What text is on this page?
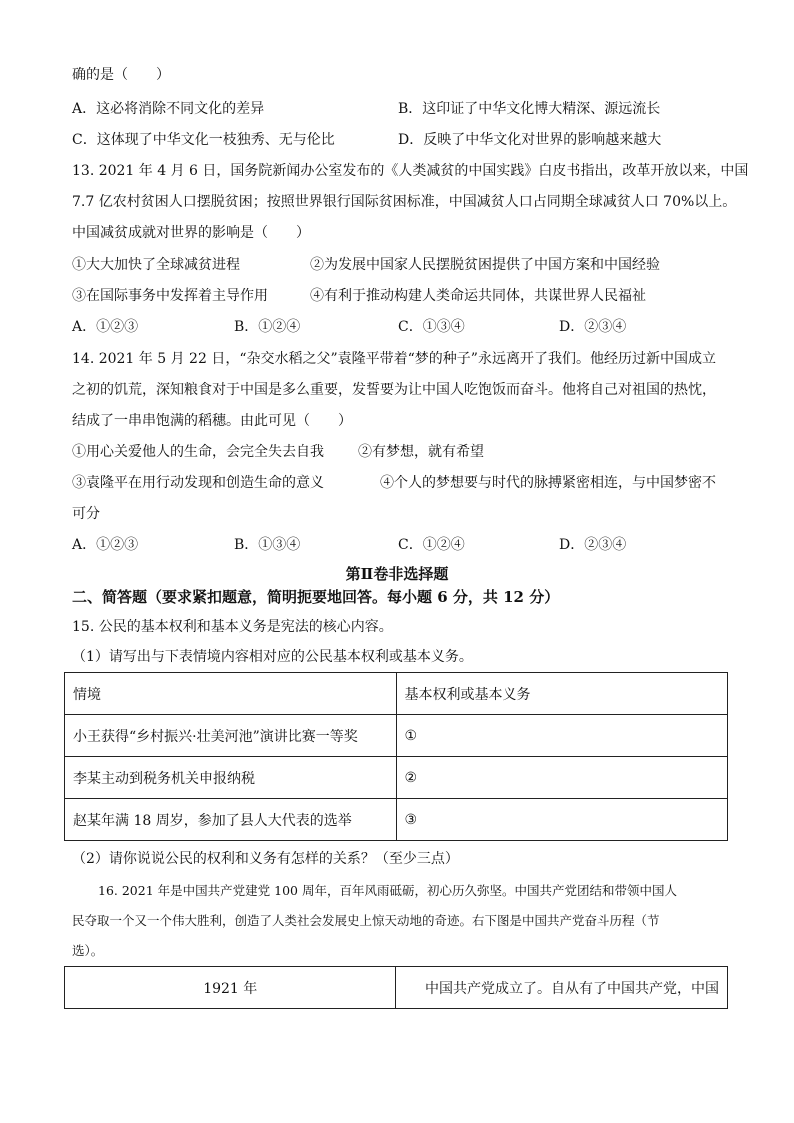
确的是（　　）
A．这必将消除不同文化的差异	B．这印证了中华文化博大精深、源远流长
C．这体现了中华文化一枝独秀、无与伦比	D．反映了中华文化对世界的影响越来越大
13. 2021 年 4 月 6 日，国务院新闻办公室发布的《人类减贫的中国实践》白皮书指出，改革开放以来，中国
7.7 亿农村贫困人口摆脱贫困；按照世界银行国际贫困标准，中国减贫人口占同期全球减贫人口 70%以上。
中国减贫成就对世界的影响是（　　）
①大大加快了全球减贫进程	②为发展中国家人民摆脱贫困提供了中国方案和中国经验
③在国际事务中发挥着主导作用	④有利于推动构建人类命运共同体，共谋世界人民福祉
A．①②③	B．①②④	C．①③④	D．②③④
14. 2021 年 5 月 22 日，“杂交水稻之父”袁隆平带着“梦的种子”永远离开了我们。他经历过新中国成立
之初的饥荒，深知粮食对于中国是多么重要，发誓要为让中国人吃饱饭而奋斗。他将自己对祖国的热忱，
结成了一串串饱满的稻穗。由此可见（　　）
①用心关爱他人的生命，会完全失去自我 ②有梦想，就有希望
③袁隆平在用行动发现和创造生命的意义	④个人的梦想要与时代的脉搏紧密相连，与中国梦密不
可分
A．①②③	B．①③④	C．①②④	D．②③④
第Ⅱ卷非选择题
二、简答题（要求紧扣题意，简明扼要地回答。每小题 6 分，共 12 分）
15. 公民的基本权利和基本义务是宪法的核心内容。
（1）请写出与下表情境内容相对应的公民基本权利或基本义务。
情境	基本权利或基本义务
小王获得“乡村振兴·壮美河池”演讲比赛一等奖	①
李某主动到税务机关申报纳税	②
赵某年满 18 周岁，参加了县人大代表的选举	③
（2）请你说说公民的权利和义务有怎样的关系？（至少三点）
16. 2021 年是中国共产党建党 100 周年，百年风雨砥砺，初心历久弥坚。中国共产党团结和带领中国人
民夺取一个又一个伟大胜利，创造了人类社会发展史上惊天动地的奇迹。右下图是中国共产党奋斗历程（节
选）。
1921 年	中国共产党成立了。自从有了中国共产党，中国
